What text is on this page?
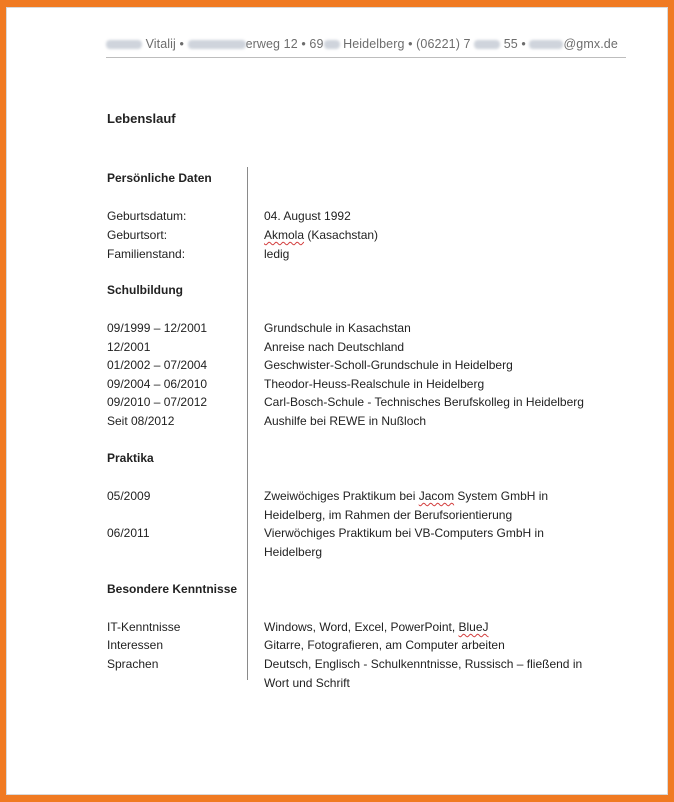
Vitalij •	erweg 12 • 69 Heidelberg • (06221) 7	55 •	@gmx.de
Lebenslauf
Persönliche Daten
Geburtsdatum:	04. August 1992
Geburtsort:	Akmola (Kasachstan)
Familienstand:	ledig
Schulbildung
09/1999 – 12/2001	Grundschule in Kasachstan
12/2001	Anreise nach Deutschland
01/2002 – 07/2004	Geschwister-Scholl-Grundschule in Heidelberg
09/2004 – 06/2010	Theodor-Heuss-Realschule in Heidelberg
09/2010 – 07/2012	Carl-Bosch-Schule - Technisches Berufskolleg in Heidelberg
Seit 08/2012	Aushilfe bei REWE in Nußloch
Praktika
05/2009	Zweiwöchiges Praktikum bei Jacom System GmbH in
Heidelberg, im Rahmen der Berufsorientierung
06/2011	Vierwöchiges Praktikum bei VB-Computers GmbH in
Heidelberg
Besondere Kenntnisse
IT-Kenntnisse	Windows, Word, Excel, PowerPoint, BlueJ
Interessen	Gitarre, Fotografieren, am Computer arbeiten
Sprachen	Deutsch, Englisch - Schulkenntnisse, Russisch – fließend in
Wort und Schrift
